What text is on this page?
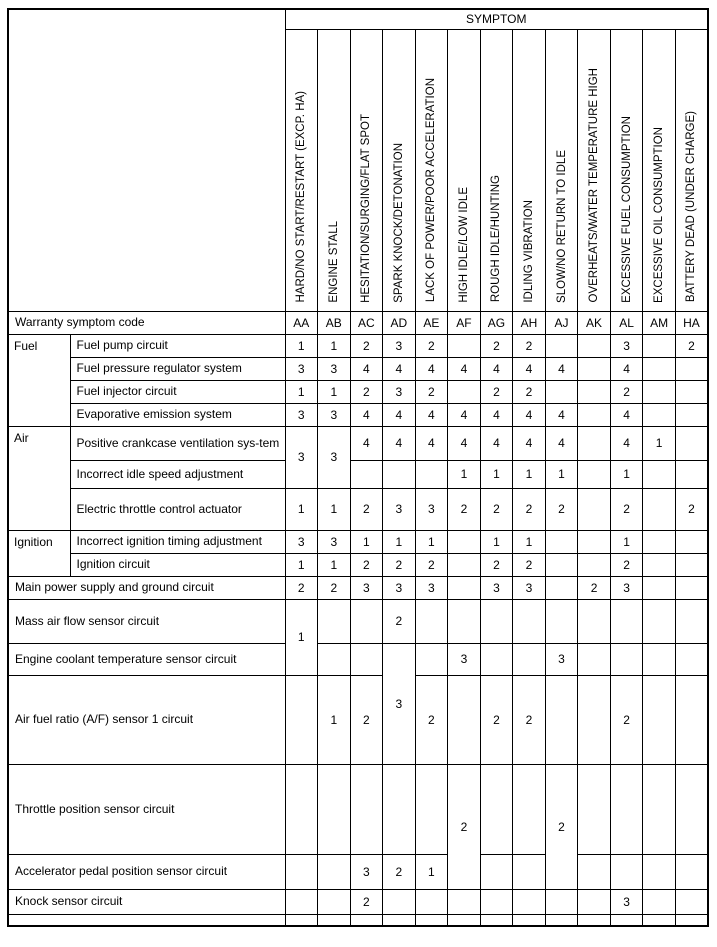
		SYMPTOM												
		HARD/NO START/RESTART (EXCP. HA)	ENGINE STALL	HESITATION/SURGING/FLAT SPOT	SPARK KNOCK/DETONATION	LACK OF POWER/POOR ACCELERATION	HIGH IDLE/LOW IDLE	ROUGH IDLE/HUNTING	IDLING VIBRATION	SLOW/NO RETURN TO IDLE	OVERHEATS/WATER TEMPERATURE HIGH	EXCESSIVE FUEL CONSUMPTION	EXCESSIVE OIL CONSUMPTION	BATTERY DEAD (UNDER CHARGE)
Warranty symptom code		AA	AB	AC	AD	AE	AF	AG	AH	AJ	AK	AL	AM	HA
Fuel	Fuel pump circuit	1	1	2	3	2		2	2			3		2
	Fuel pressure regulator system	3	3	4	4	4	4	4	4	4		4		
	Fuel injector circuit	1	1	2	3	2		2	2			2		
	Evaporative emission system	3	3	4	4	4	4	4	4	4		4		
Air	Positive crankcase ventilation sys-tem	3	3	4	4	4	4	4	4	4		4	1	
	Incorrect idle speed adjustment						1	1	1	1		1		
	Electric throttle control actuator	1	1	2	3	3	2	2	2	2		2		2
Ignition	Incorrect ignition timing adjustment	3	3	1	1	1		1	1			1		
	Ignition circuit	1	1	2	2	2		2	2			2		
Main power supply and ground circuit		2	2	3	3	3		3	3		2	3		
Mass air flow sensor circuit		1			2									
Engine coolant temperature sensor circuit					3		3			3				
Air fuel ratio (A/F) sensor 1 circuit			1	2		2		2	2			2		
Throttle position sensor circuit							2			2				
Accelerator pedal position sensor circuit				3	2	1								
Knock sensor circuit				2								3		
